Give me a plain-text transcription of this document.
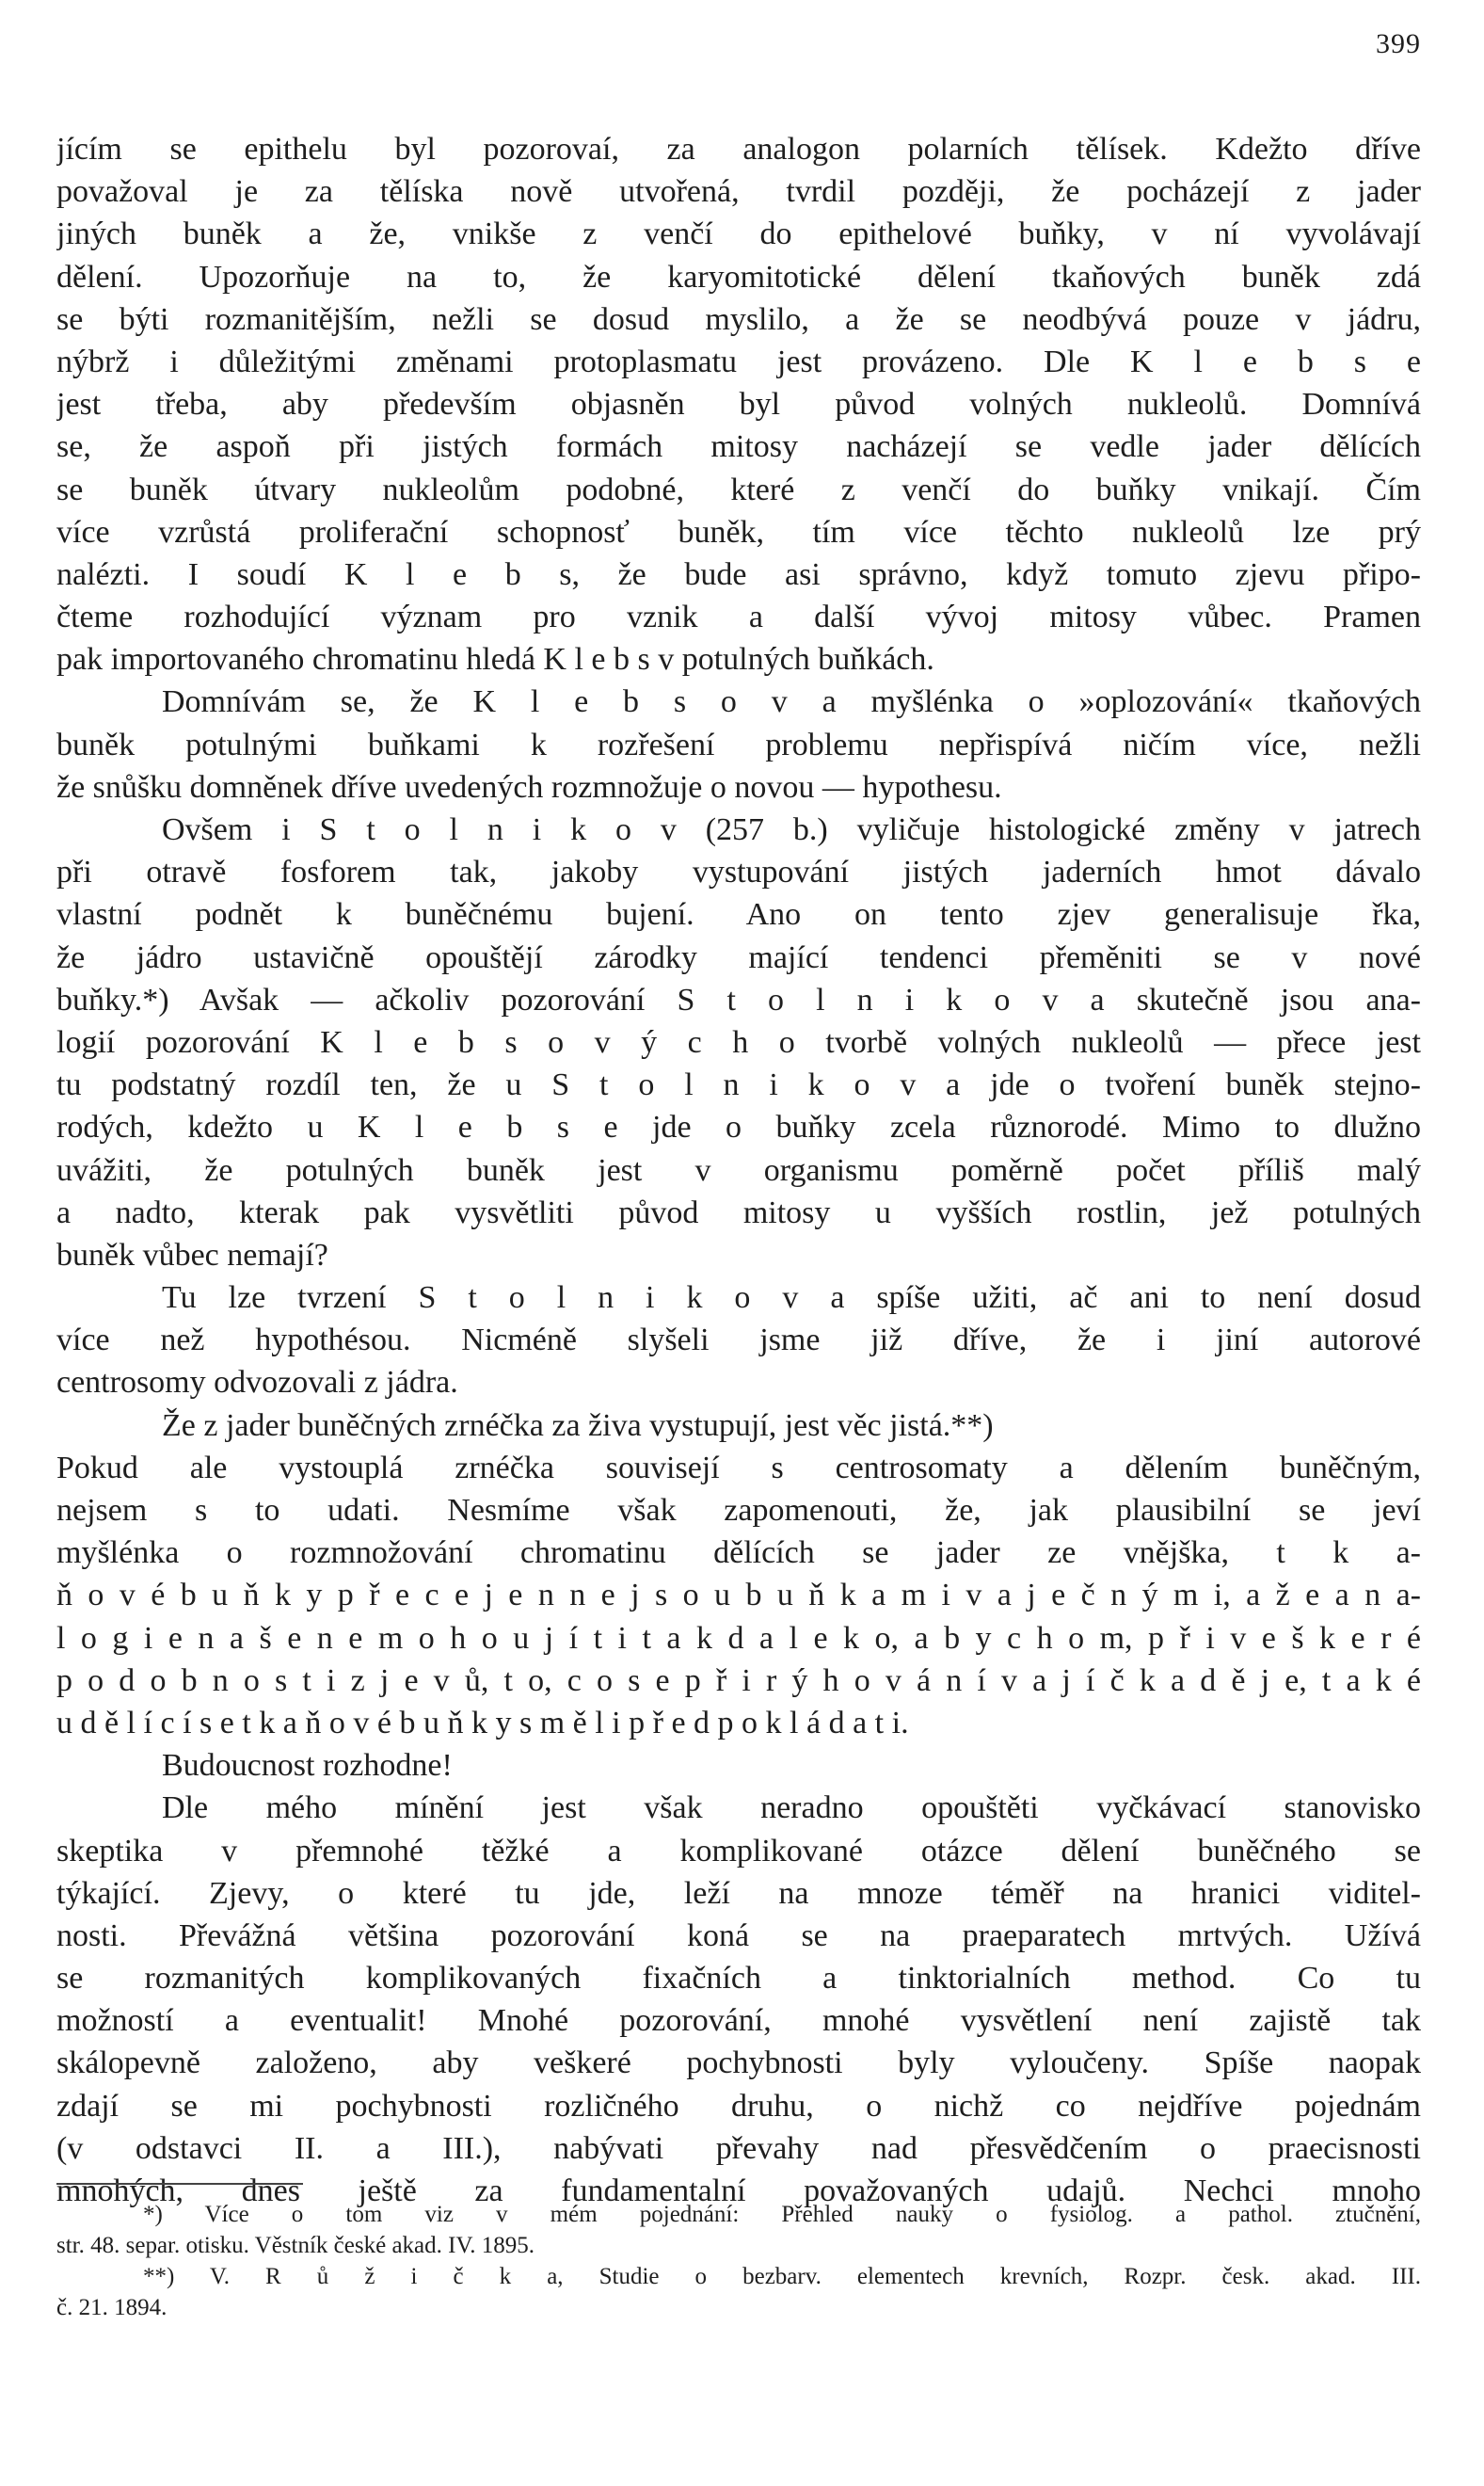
399
jícím se epithelu byl pozorovaí, za analogon polarních tělísek. Kdežto dříve
považoval je za tělíska nově utvořená, tvrdil později, že pocházejí z jader
jiných buněk a že, vnikše z venčí do epithelové buňky, v ní vyvolávají
dělení. Upozorňuje na to, že karyomitotické dělení tkaňových buněk zdá
se býti rozmanitějším, nežli se dosud myslilo, a že se neodbývá pouze v jádru,
nýbrž i důležitými změnami protoplasmatu jest provázeno. Dle K l e b s e
jest třeba, aby především objasněn byl původ volných nukleolů. Domnívá
se, že aspoň při jistých formách mitosy nacházejí se vedle jader dělících
se buněk útvary nukleolům podobné, které z venčí do buňky vnikají. Čím
více vzrůstá proliferační schopnosť buněk, tím více těchto nukleolů lze prý
nalézti. I soudí K l e b s, že bude asi správno, když tomuto zjevu připo-
čteme rozhodující význam pro vznik a další vývoj mitosy vůbec. Pramen
pak importovaného chromatinu hledá K l e b s v potulných buňkách.
Domnívám se, že K l e b s o v a myšlénka o »oplozování« tkaňových
buněk potulnými buňkami k rozřešení problemu nepřispívá ničím více, nežli
že snůšku domněnek dříve uvedených rozmnožuje o novou — hypothesu.
Ovšem i S t o l n i k o v (257 b.) vyličuje histologické změny v jatrech
při otravě fosforem tak, jakoby vystupování jistých jaderních hmot dávalo
vlastní podnět k buněčnému bujení. Ano on tento zjev generalisuje řka,
že jádro ustavičně opouštějí zárodky mající tendenci přeměniti se v nové
buňky.*) Avšak — ačkoliv pozorování S t o l n i k o v a skutečně jsou ana-
logií pozorování K l e b s o v ý c h o tvorbě volných nukleolů — přece jest
tu podstatný rozdíl ten, že u S t o l n i k o v a jde o tvoření buněk stejno-
rodých, kdežto u K l e b s e jde o buňky zcela různorodé. Mimo to dlužno
uvážiti, že potulných buněk jest v organismu poměrně počet příliš malý
a nadto, kterak pak vysvětliti původ mitosy u vyšších rostlin, jež potulných
buněk vůbec nemají?
Tu lze tvrzení S t o l n i k o v a spíše užiti, ač ani to není dosud
více než hypothésou. Nicméně slyšeli jsme již dříve, že i jiní autorové
centrosomy odvozovali z jádra.
Že z jader buněčných zrnéčka za živa vystupují, jest věc jistá.**)
Pokud ale vystouplá zrnéčka souvisejí s centrosomaty a dělením buněčným,
nejsem s to udati. Nesmíme však zapomenouti, že, jak plausibilní se jeví
myšlénka o rozmnožování chromatinu dělících se jader ze vnějška, t k a-
ň o v é b u ň k y p ř e c e j e n n e j s o u b u ň k a m i v a j e č n ý m i, a ž e a n a-
l o g i e n a š e n e m o h o u j í t i t a k d a l e k o, a b y c h o m, p ř i v e š k e r é
p o d o b n o s t i z j e v ů, t o, c o s e p ř i r ý h o v á n í v a j í č k a d ě j e, t a k é
u d ě l í c í s e t k a ň o v é b u ň k y s m ě l i p ř e d p o k l á d a t i.
Budoucnost rozhodne!
Dle mého mínění jest však neradno opouštěti vyčkávací stanovisko
skeptika v přemnohé těžké a komplikované otázce dělení buněčného se
týkající. Zjevy, o které tu jde, leží na mnoze téměř na hranici viditel-
nosti. Převážná většina pozorování koná se na praeparatech mrtvých. Užívá
se rozmanitých komplikovaných fixačních a tinktorialních method. Co tu
možností a eventualit! Mnohé pozorování, mnohé vysvětlení není zajistě tak
skálopevně založeno, aby veškeré pochybnosti byly vyloučeny. Spíše naopak
zdají se mi pochybnosti rozličného druhu, o nichž co nejdříve pojednám
(v odstavci II. a III.), nabývati převahy nad přesvědčením o praecisnosti
mnohých, dnes ještě za fundamentalní považovaných udajů. Nechci mnoho
*) Více o tom viz v mém pojednání: Přehled nauky o fysiolog. a pathol. ztučnění,
str. 48. separ. otisku. Věstník české akad. IV. 1895.
**) V. R ů ž i č k a, Studie o bezbarv. elementech krevních, Rozpr. česk. akad. III.
č. 21. 1894.
